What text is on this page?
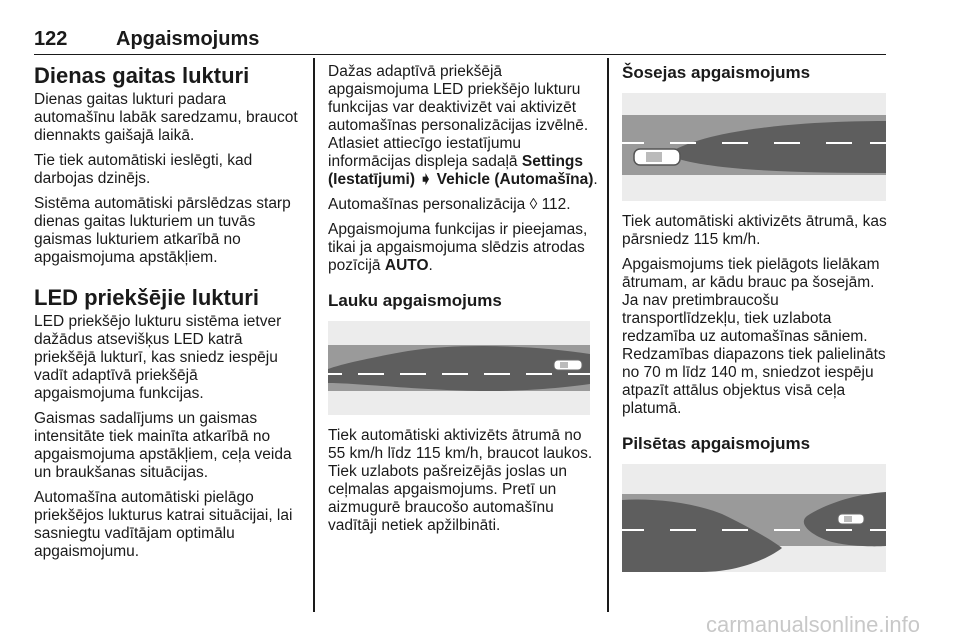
122 Apgaismojums
Dienas gaitas lukturi

Dienas gaitas lukturi padara automašīnu labāk saredzamu, braucot diennakts gaišajā laikā.

Tie tiek automātiski ieslēgti, kad darbojas dzinējs.

Sistēma automātiski pārslēdzas starp dienas gaitas lukturiem un tuvās gaismas lukturiem atkarībā no apgaismojuma apstākļiem.

LED priekšējie lukturi

LED priekšējo lukturu sistēma ietver dažādus atsevišķus LED katrā priekšējā lukturī, kas sniedz iespēju vadīt adaptīvā priekšējā apgaismojuma funkcijas.

Gaismas sadalījums un gaismas intensitāte tiek mainīta atkarībā no apgaismojuma apstākļiem, ceļa veida un braukšanas situācijas.

Automašīna automātiski pielāgo priekšējos lukturus katrai situācijai, lai sasniegtu vadītājam optimālu apgaismojumu.

Dažas adaptīvā priekšējā apgaismojuma LED priekšējo lukturu funkcijas var deaktivizēt vai aktivizēt automašīnas personalizācijas izvēlnē. Atlasiet attiecīgo iestatījumu informācijas displeja sadaļā Settings (Iestatījumi) ➧ Vehicle (Automašīna).

Automašīnas personalizācija ◊ 112.

Apgaismojuma funkcijas ir pieejamas, tikai ja apgaismojuma slēdzis atrodas pozīcijā AUTO.

Lauku apgaismojums

Tiek automātiski aktivizēts ātrumā no 55 km/h līdz 115 km/h, braucot laukos. Tiek uzlabots pašreizējās joslas un ceļmalas apgaismojums. Pretī un aizmugurē braucošo automašīnu vadītāji netiek apžilbināti.

Šosejas apgaismojums

Tiek automātiski aktivizēts ātrumā, kas pārsniedz 115 km/h.

Apgaismojums tiek pielāgots lielākam ātrumam, ar kādu brauc pa šosejām. Ja nav pretimbraucošu transportlīdzekļu, tiek uzlabota redzamība uz automašīnas sāniem. Redzamības diapazons tiek palielināts no 70 m līdz 140 m, sniedzot iespēju atpazīt attālus objektus visā ceļa platumā.

Pilsētas apgaismojums
carmanualsonline.info
